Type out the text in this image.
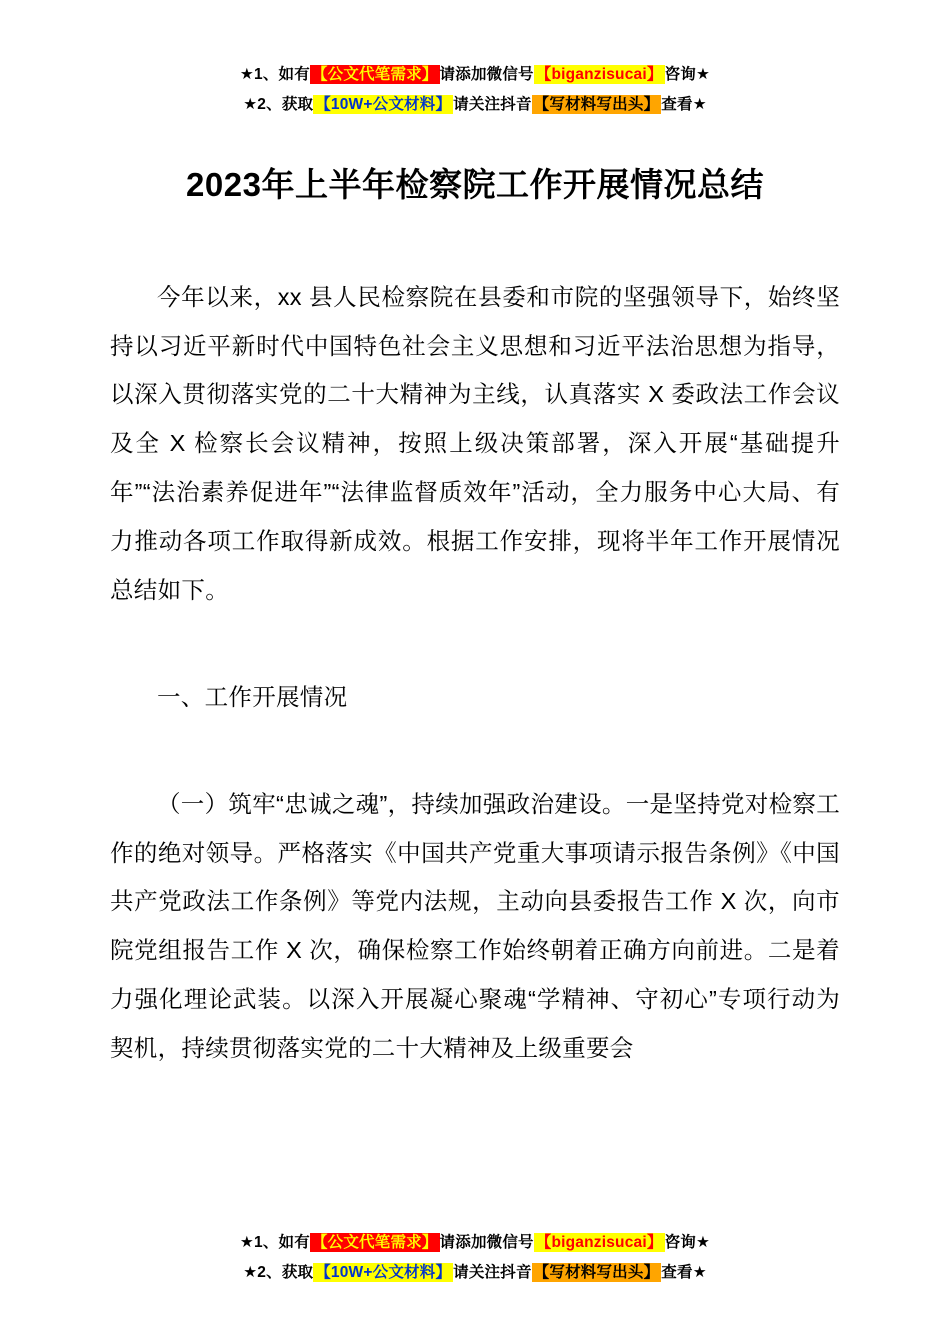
★1、如有 【公文代笔需求】 请添加微信号 【biganzisucai】 咨询★
★2、获取 【10W+公文材料】 请关注抖音 【写材料写出头】 查看★
2023年上半年检察院工作开展情况总结

今年以来，xx 县人民检察院在县委和市院的坚强领导下，始终坚持以习近平新时代中国特色社会主义思想和习近平法治思想为指导，以深入贯彻落实党的二十大精神为主线，认真落实 X 委政法工作会议及全 X 检察长会议精神，按照上级决策部署，深入开展“基础提升年”“法治素养促进年”“法律监督质效年”活动，全力服务中心大局、有力推动各项工作取得新成效。根据工作安排，现将半年工作开展情况总结如下。

一、工作开展情况

（一）筑牢“忠诚之魂”，持续加强政治建设。一是坚持党对检察工作的绝对领导。严格落实《中国共产党重大事项请示报告条例》《中国共产党政法工作条例》等党内法规，主动向县委报告工作 X 次，向市院党组报告工作 X 次，确保检察工作始终朝着正确方向前进。二是着力强化理论武装。以深入开展凝心聚魂“学精神、守初心”专项行动为契机，持续贯彻落实党的二十大精神及上级重要会

★1、如有 【公文代笔需求】 请添加微信号 【biganzisucai】 咨询★
★2、获取 【10W+公文材料】 请关注抖音 【写材料写出头】 查看★
